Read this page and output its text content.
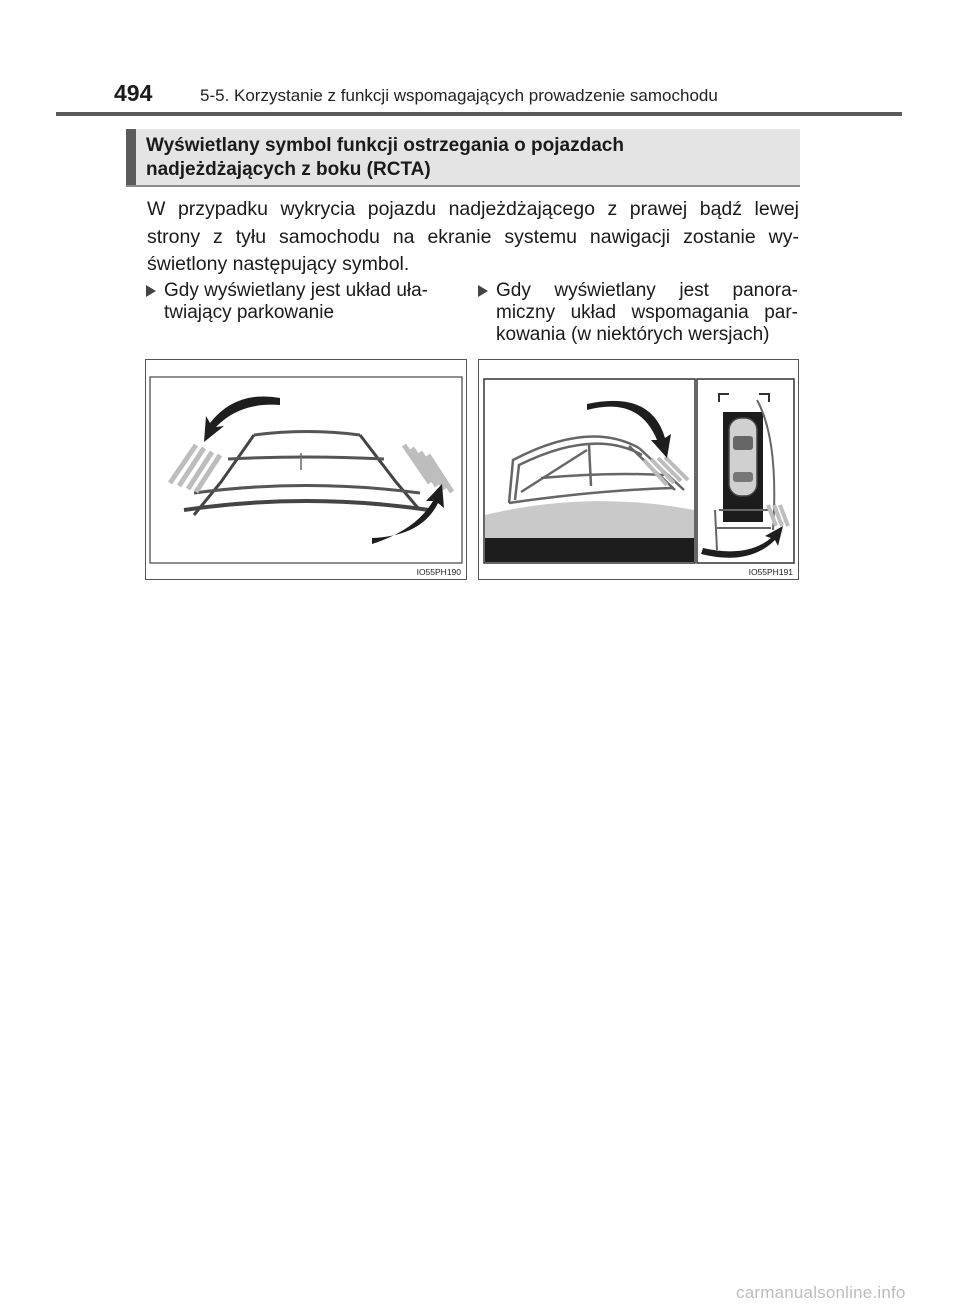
494	5-5. Korzystanie z funkcji wspomagających prowadzenie samochodu
Wyświetlany symbol funkcji ostrzegania o pojazdach
nadjeżdżających z boku (RCTA)
W przypadku wykrycia pojazdu nadjeżdżającego z prawej bądź lewej strony z tyłu samochodu na ekranie systemu nawigacji zostanie wy-świetlony następujący symbol.
Gdy wyświetlany jest układ uła-twiający parkowanie
Gdy wyświetlany jest panora-miczny układ wspomagania par-kowania (w niektórych wersjach)
IO55PH190	IO55PH191
carmanualsonline.info
